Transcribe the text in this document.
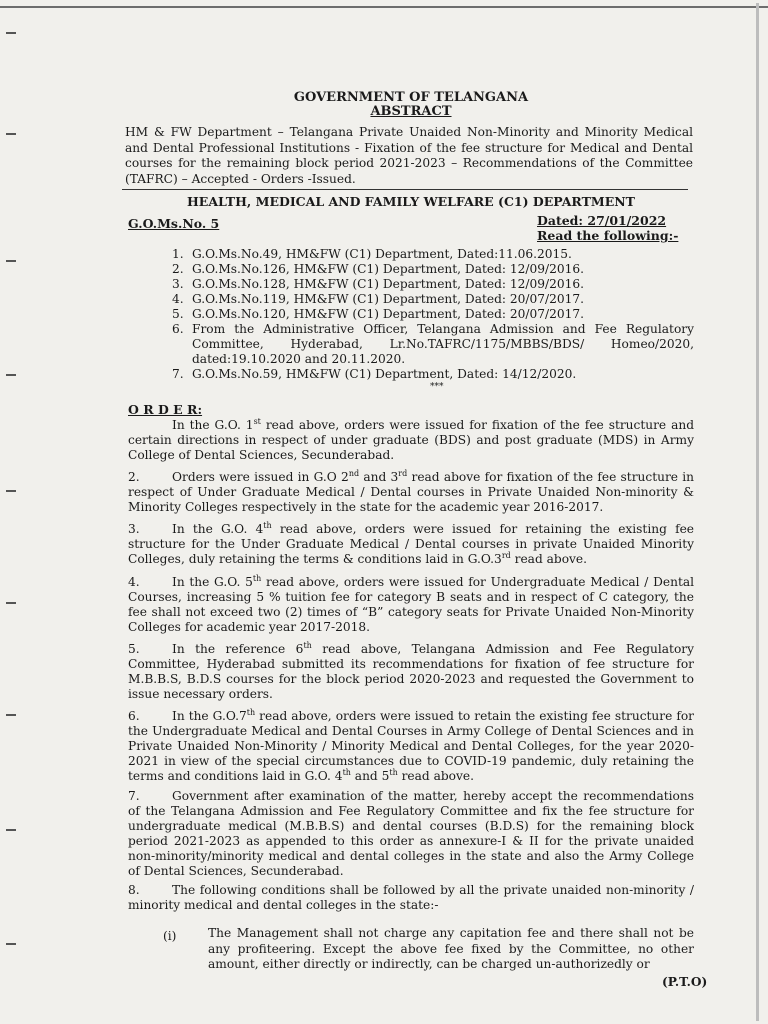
GOVERNMENT OF TELANGANA
ABSTRACT
HM & FW Department – Telangana Private Unaided Non-Minority and Minority Medical and Dental Professional Institutions - Fixation of the fee structure for Medical and Dental courses for the remaining block period 2021-2023 – Recommendations of the Committee (TAFRC) – Accepted - Orders -Issued.
HEALTH, MEDICAL AND FAMILY WELFARE (C1) DEPARTMENT
G.O.Ms.No. 5	Dated: 27/01/2022
Read the following:-
1. G.O.Ms.No.49, HM&FW (C1) Department, Dated:11.06.2015.
2. G.O.Ms.No.126, HM&FW (C1) Department, Dated: 12/09/2016.
3. G.O.Ms.No.128, HM&FW (C1) Department, Dated: 12/09/2016.
4. G.O.Ms.No.119, HM&FW (C1) Department, Dated: 20/07/2017.
5. G.O.Ms.No.120, HM&FW (C1) Department, Dated: 20/07/2017.
6. From the Administrative Officer, Telangana Admission and Fee Regulatory Committee, Hyderabad, Lr.No.TAFRC/1175/MBBS/BDS/ Homeo/2020, dated:19.10.2020 and 20.11.2020.
7. G.O.Ms.No.59, HM&FW (C1) Department, Dated: 14/12/2020.
***
O R D E R:
In the G.O. 1st read above, orders were issued for fixation of the fee structure and certain directions in respect of under graduate (BDS) and post graduate (MDS) in Army College of Dental Sciences, Secunderabad.
2.	Orders were issued in G.O 2nd and 3rd read above for fixation of the fee structure in respect of Under Graduate Medical / Dental courses in Private Unaided Non-minority & Minority Colleges respectively in the state for the academic year 2016-2017.
3.	In the G.O. 4th read above, orders were issued for retaining the existing fee structure for the Under Graduate Medical / Dental courses in private Unaided Minority Colleges, duly retaining the terms & conditions laid in G.O.3rd read above.
4.	In the G.O. 5th read above, orders were issued for Undergraduate Medical / Dental Courses, increasing 5 % tuition fee for category B seats and in respect of C category, the fee shall not exceed two (2) times of “B” category seats for Private Unaided Non-Minority Colleges for academic year 2017-2018.
5.	In the reference 6th read above, Telangana Admission and Fee Regulatory Committee, Hyderabad submitted its recommendations for fixation of fee structure for M.B.B.S, B.D.S courses for the block period 2020-2023 and requested the Government to issue necessary orders.
6.	In the G.O.7th read above, orders were issued to retain the existing fee structure for the Undergraduate Medical and Dental Courses in Army College of Dental Sciences and in Private Unaided Non-Minority / Minority Medical and Dental Colleges, for the year 2020-2021 in view of the special circumstances due to COVID-19 pandemic, duly retaining the terms and conditions laid in G.O. 4th and 5th read above.
7.	Government after examination of the matter, hereby accept the recommendations of the Telangana Admission and Fee Regulatory Committee and fix the fee structure for undergraduate medical (M.B.B.S) and dental courses (B.D.S) for the remaining block period 2021-2023 as appended to this order as annexure-I & II for the private unaided non-minority/minority medical and dental colleges in the state and also the Army College of Dental Sciences, Secunderabad.
8.	The following conditions shall be followed by all the private unaided non-minority / minority medical and dental colleges in the state:-
(i)	The Management shall not charge any capitation fee and there shall not be any profiteering. Except the above fee fixed by the Committee, no other amount, either directly or indirectly, can be charged un-authorizedly or
(P.T.O)
